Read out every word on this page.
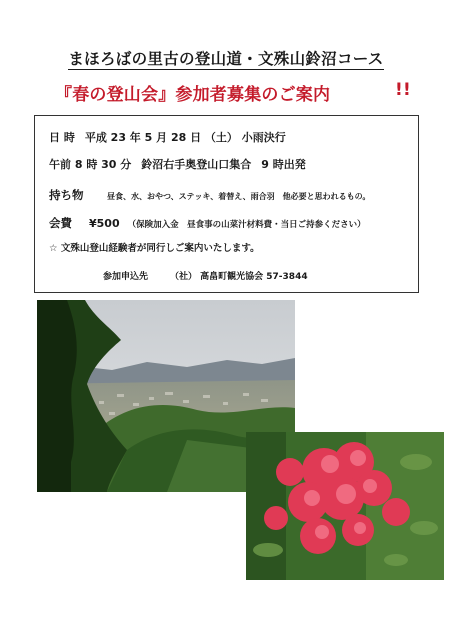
まほろばの里古の登山道・文殊山鈴沼コース
『春の登山会』参加者募集のご案内	!!
日 時 平成 23 年 5 月 28 日 （土） 小雨決行
午前 8 時 30 分 鈴沼右手奥登山口集合 9 時出発
持ち物	昼食、水、おやつ、ステッキ、着替え、雨合羽　他必要と思われるもの。
会費 ¥500 （保険加入金　昼食事の山菜汁材料費・当日ご持参ください）
☆ 文殊山登山経験者が同行しご案内いたします。
参加申込先 （社） 高畠町観光協会 57-3844
